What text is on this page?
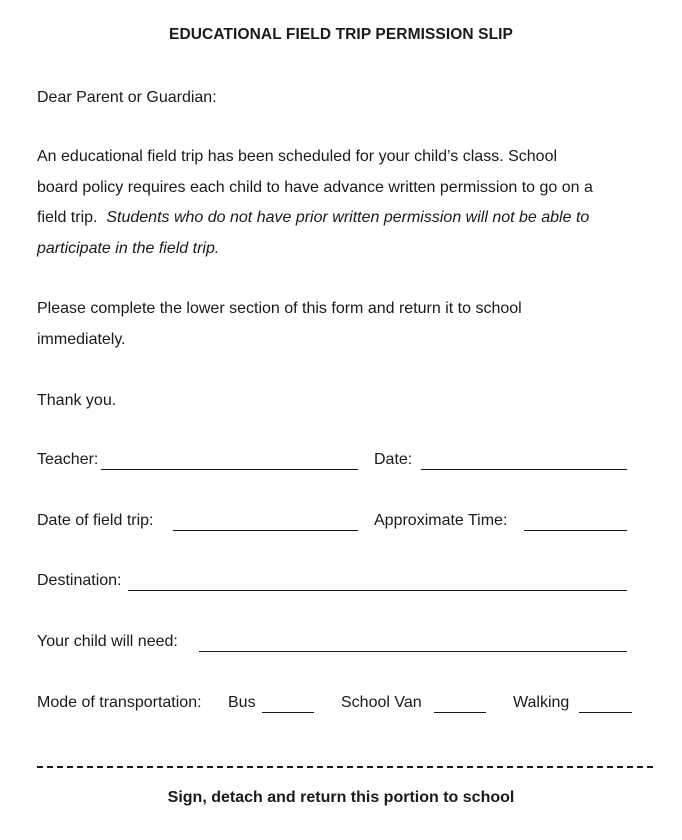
EDUCATIONAL FIELD TRIP PERMISSION SLIP
Dear Parent or Guardian:

An educational field trip has been scheduled for your child’s class. School

board policy requires each child to have advance written permission to go on a

field trip.  Students who do not have prior written permission will not be able to

participate in the field trip.

Please complete the lower section of this form and return it to school

immediately.

Thank you.
Teacher:	Date:
Date of field trip:	Approximate Time:
Destination:
Your child will need:
Mode of transportation: Bus	School Van	Walking
Sign, detach and return this portion to school
